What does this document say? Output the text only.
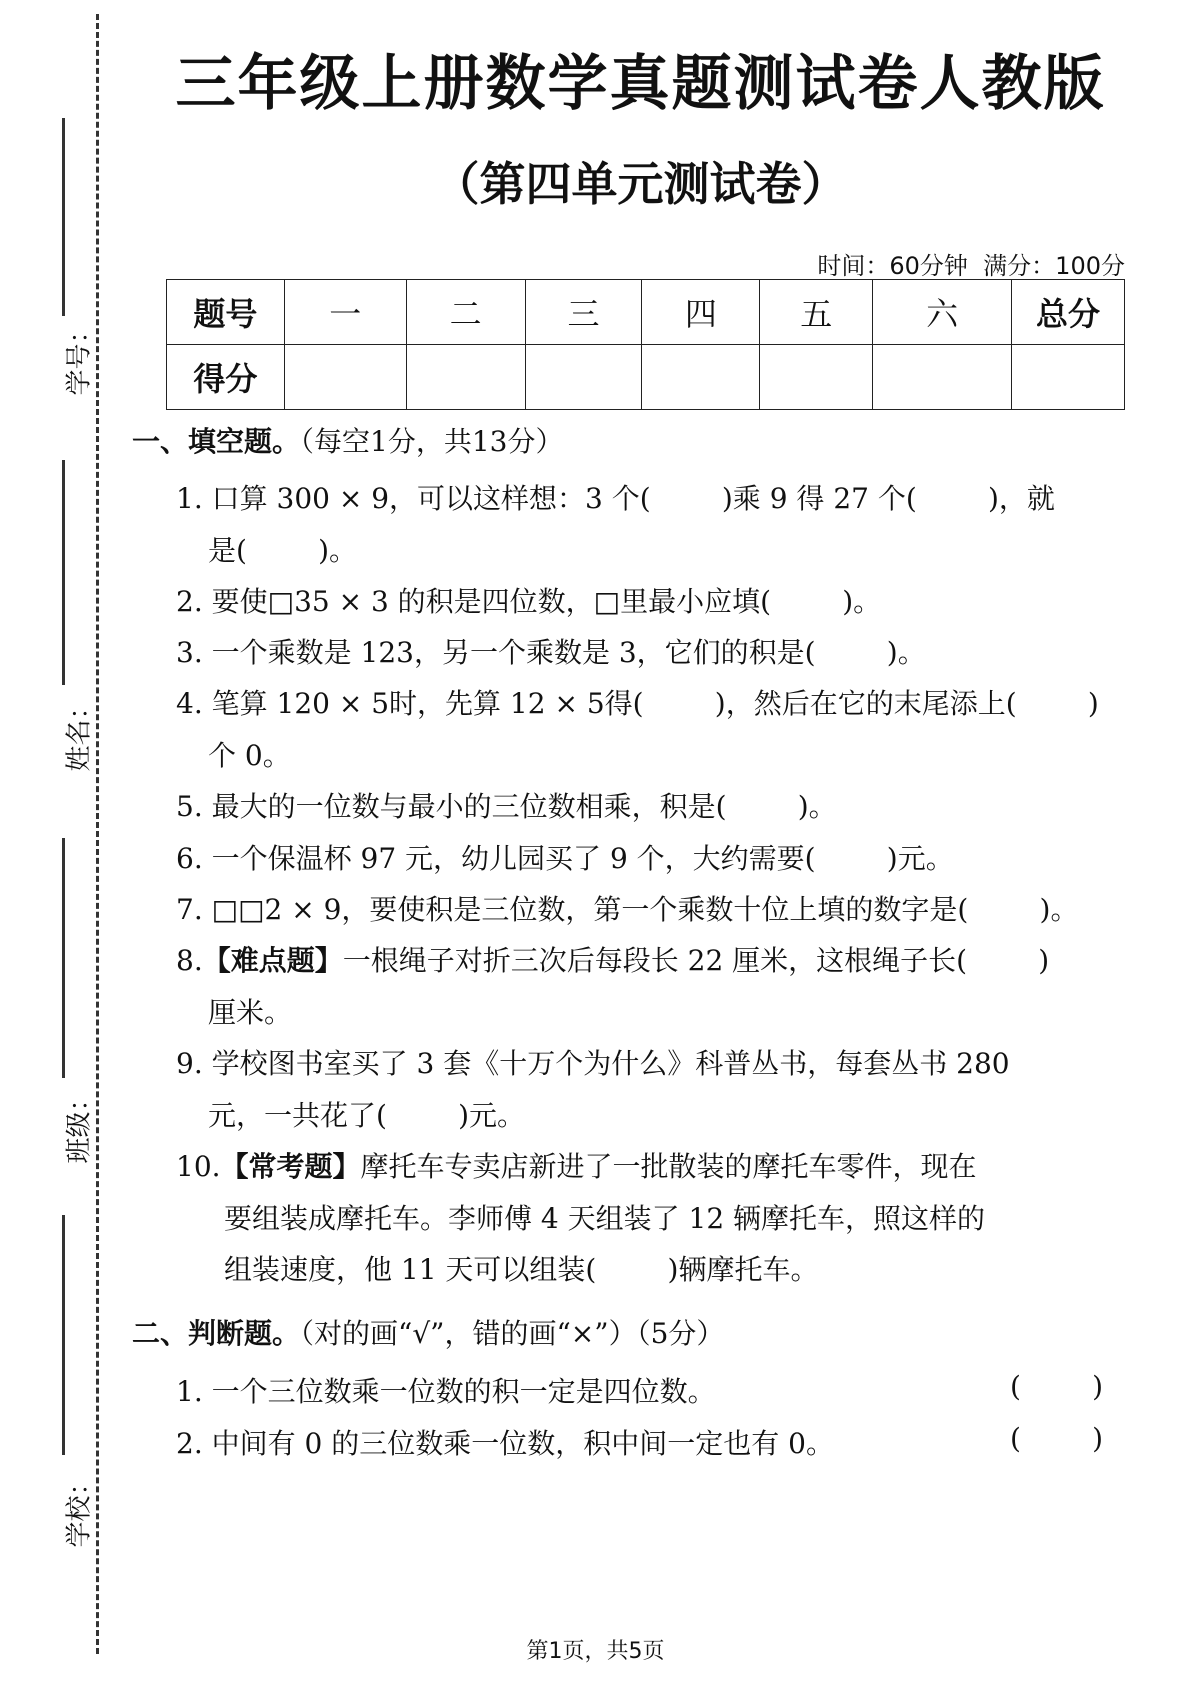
学号：
姓名：
班级：
学校：
三年级上册数学真题测试卷人教版
（第四单元测试卷）
时间：60分钟  满分：100分
题号	一	二	三	四	五	六	总分
得分							
一、填空题。（每空1分，共13分）
1. 口算 300 × 9，可以这样想：3 个(        )乘 9 得 27 个(        )，就
是(        )。
2. 要使□35 × 3 的积是四位数，□里最小应填(        )。
3. 一个乘数是 123，另一个乘数是 3，它们的积是(        )。
4. 笔算 120 × 5时，先算 12 × 5得(        )，然后在它的末尾添上(        )
个 0。
5. 最大的一位数与最小的三位数相乘，积是(        )。
6. 一个保温杯 97 元，幼儿园买了 9 个，大约需要(        )元。
7. □□2 × 9，要使积是三位数，第一个乘数十位上填的数字是(        )。
8.【难点题】一根绳子对折三次后每段长 22 厘米，这根绳子长(        )
厘米。
9. 学校图书室买了 3 套《十万个为什么》科普丛书，每套丛书 280
元，一共花了(        )元。
10.【常考题】摩托车专卖店新进了一批散装的摩托车零件，现在
要组装成摩托车。李师傅 4 天组装了 12 辆摩托车，照这样的
组装速度，他 11 天可以组装(        )辆摩托车。
二、判断题。（对的画“√”，错的画“×”）（5分）
1. 一个三位数乘一位数的积一定是四位数。	(        )
2. 中间有 0 的三位数乘一位数，积中间一定也有 0。	(        )
第1页，共5页
